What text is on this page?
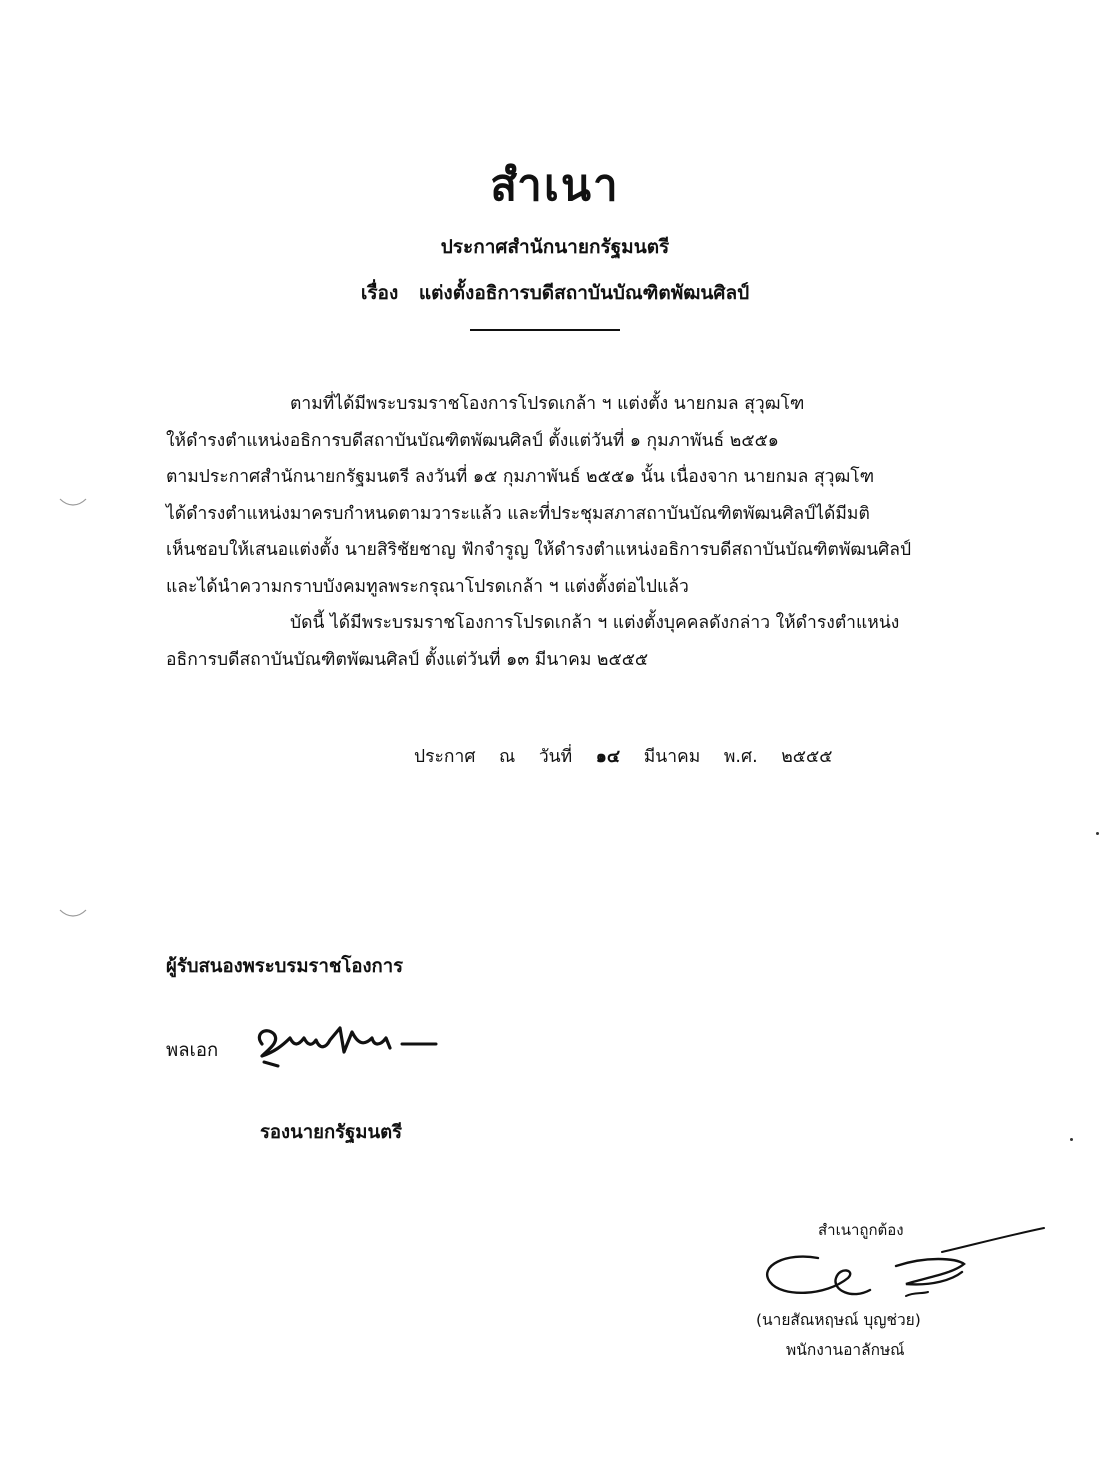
สำเนา
ประกาศสำนักนายกรัฐมนตรี
เรื่อง แต่งตั้งอธิการบดีสถาบันบัณฑิตพัฒนศิลป์

ตามที่ได้มีพระบรมราชโองการโปรดเกล้า ฯ แต่งตั้ง นายกมล สุวุฒโฑ
ให้ดำรงตำแหน่งอธิการบดีสถาบันบัณฑิตพัฒนศิลป์ ตั้งแต่วันที่ ๑ กุมภาพันธ์ ๒๕๕๑
ตามประกาศสำนักนายกรัฐมนตรี ลงวันที่ ๑๕ กุมภาพันธ์ ๒๕๕๑ นั้น เนื่องจาก นายกมล สุวุฒโฑ
ได้ดำรงตำแหน่งมาครบกำหนดตามวาระแล้ว และที่ประชุมสภาสถาบันบัณฑิตพัฒนศิลป์ได้มีมติ
เห็นชอบให้เสนอแต่งตั้ง นายสิริชัยชาญ ฟักจำรูญ ให้ดำรงตำแหน่งอธิการบดีสถาบันบัณฑิตพัฒนศิลป์
และได้นำความกราบบังคมทูลพระกรุณาโปรดเกล้า ฯ แต่งตั้งต่อไปแล้ว

บัดนี้ ได้มีพระบรมราชโองการโปรดเกล้า ฯ แต่งตั้งบุคคลดังกล่าว ให้ดำรงตำแหน่ง
อธิการบดีสถาบันบัณฑิตพัฒนศิลป์ ตั้งแต่วันที่ ๑๓ มีนาคม ๒๕๕๕

ประกาศ ณ วันที่ ๑๔ มีนาคม พ.ศ. ๒๕๕๕
ผู้รับสนองพระบรมราชโองการ
พลเอก
รองนายกรัฐมนตรี
สำเนาถูกต้อง
(นายสัณหฤษณ์ บุญช่วย)
พนักงานอาลักษณ์
